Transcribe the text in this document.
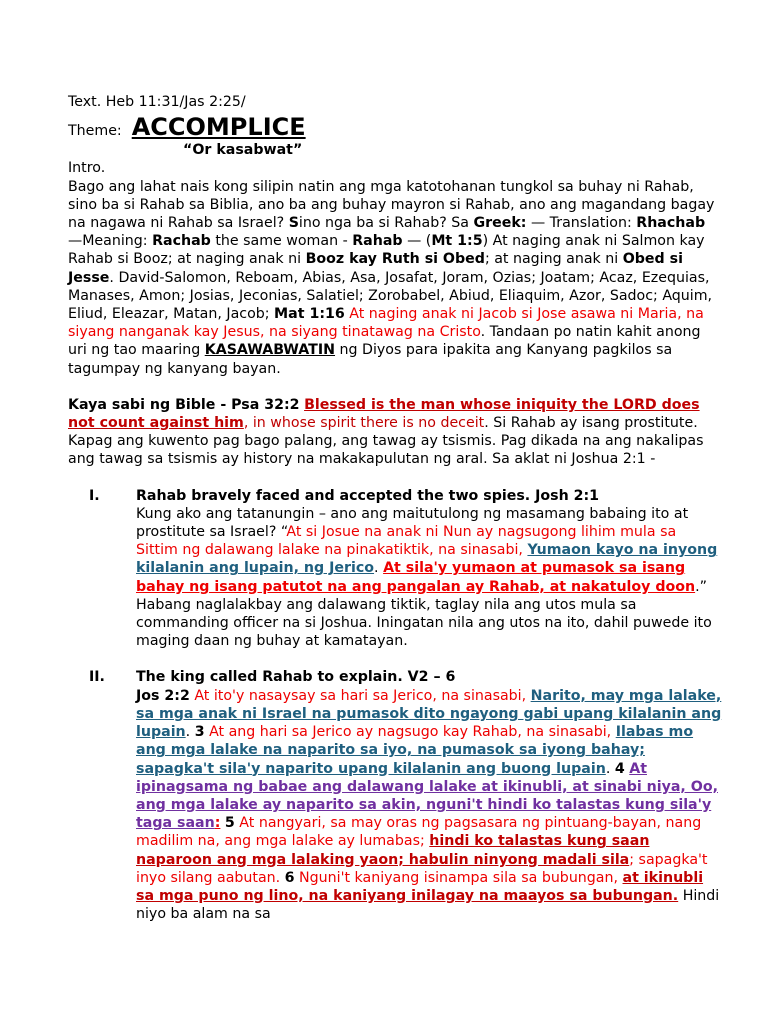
Text. Heb 11:31/Jas 2:25/

Theme: ACCOMPLICE
“Or kasabwat”

Intro.

Bago ang lahat nais kong silipin natin ang mga katotohanan tungkol sa buhay ni Rahab, sino ba si Rahab sa Biblia, ano ba ang buhay mayron si Rahab, ano ang magandang bagay na nagawa ni Rahab sa Israel? Sino nga ba si Rahab? Sa Greek: — Translation: Rhachab —Meaning: Rachab the same woman - Rahab — (Mt 1:5) At naging anak ni Salmon kay Rahab si Booz; at naging anak ni Booz kay Ruth si Obed; at naging anak ni Obed si Jesse. David-Salomon, Reboam, Abias, Asa, Josafat, Joram, Ozias; Joatam; Acaz, Ezequias, Manases, Amon; Josias, Jeconias, Salatiel; Zorobabel, Abiud, Eliaquim, Azor, Sadoc; Aquim, Eliud, Eleazar, Matan, Jacob; Mat 1:16 At naging anak ni Jacob si Jose asawa ni Maria, na siyang nanganak kay Jesus, na siyang tinatawag na Cristo. Tandaan po natin kahit anong uri ng tao maaring KASAWABWATIN ng Diyos para ipakita ang Kanyang pagkilos sa tagumpay ng kanyang bayan.

Kaya sabi ng Bible - Psa 32:2 Blessed is the man whose iniquity the LORD does not count against him, in whose spirit there is no deceit. Si Rahab ay isang prostitute. Kapag ang kuwento pag bago palang, ang tawag ay tsismis. Pag dikada na ang nakalipas ang tawag sa tsismis ay history na makakapulutan ng aral. Sa aklat ni Joshua 2:1 -

I.	Rahab bravely faced and accepted the two spies. Josh 2:1

Kung ako ang tatanungin – ano ang maitutulong ng masamang babaing ito at prostitute sa Israel? “At si Josue na anak ni Nun ay nagsugong lihim mula sa Sittim ng dalawang lalake na pinakatiktik, na sinasabi, Yumaon kayo na inyong kilalanin ang lupain, ng Jerico. At sila'y yumaon at pumasok sa isang bahay ng isang patutot na ang pangalan ay Rahab, at nakatuloy doon.” Habang naglalakbay ang dalawang tiktik, taglay nila ang utos mula sa commanding officer na si Joshua. Iningatan nila ang utos na ito, dahil puwede ito maging daan ng buhay at kamatayan.

II.	The king called Rahab to explain. V2 – 6

Jos 2:2 At ito'y nasaysay sa hari sa Jerico, na sinasabi, Narito, may mga lalake, sa mga anak ni Israel na pumasok dito ngayong gabi upang kilalanin ang lupain. 3 At ang hari sa Jerico ay nagsugo kay Rahab, na sinasabi, Ilabas mo ang mga lalake na naparito sa iyo, na pumasok sa iyong bahay; sapagka't sila'y naparito upang kilalanin ang buong lupain. 4 At ipinagsama ng babae ang dalawang lalake at ikinubli, at sinabi niya, Oo, ang mga lalake ay naparito sa akin, nguni't hindi ko talastas kung sila'y taga saan: 5 At nangyari, sa may oras ng pagsasara ng pintuang-bayan, nang madilim na, ang mga lalake ay lumabas; hindi ko talastas kung saan naparoon ang mga lalaking yaon; habulin ninyong madali sila; sapagka't inyo silang aabutan. 6 Nguni't kaniyang isinampa sila sa bubungan, at ikinubli sa mga puno ng lino, na kaniyang inilagay na maayos sa bubungan. Hindi niyo ba alam na sa
